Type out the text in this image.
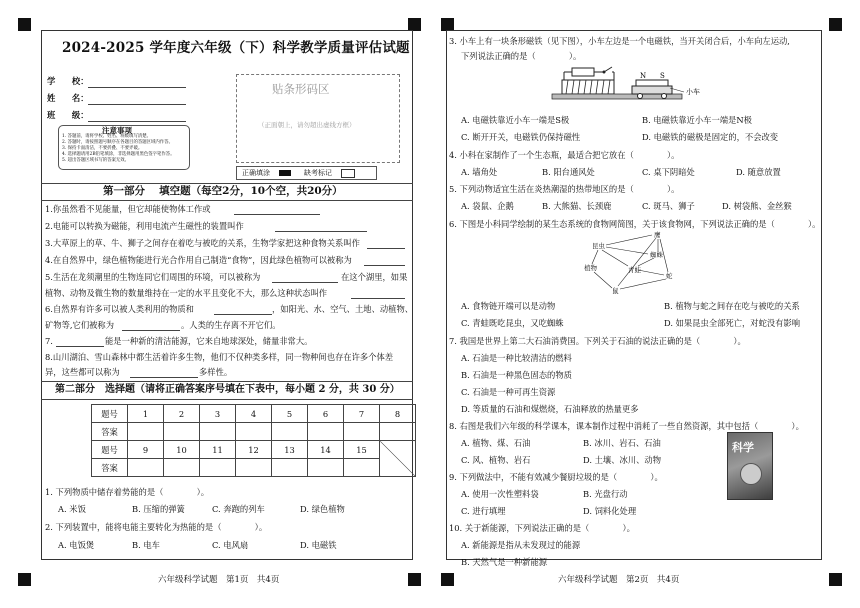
2024-2025 学年度六年级（下）科学教学质量评估试题
学　　校：
姓　　名：
班　　级：
贴条形码区
（正面朝上，请勿超出虚线方框）
注意事项
1. 答题前，请将学校、姓名、班级填写清楚。
2. 答题时，请按照题号顺序在各题目的答题区域内作答。
3. 保持卡面清洁，不要折叠、不要弄破。
4. 选择题请用2B铅笔填涂，非选择题用黑色签字笔作答。
5. 超出答题区域书写的答案无效。
正确填涂	缺考标记
第一部分　 填空题（每空2分，10个空，共20分）
1.你虽然看不见能量，但它却能使物体工作或
2.电能可以转换为磁能，利用电流产生磁性的装置叫作
3.大草原上的草、牛、狮子之间存在着吃与被吃的关系，生物学家把这种食物关系叫作
4.在自然界中，绿色植物能进行光合作用自己制造“食物”，因此绿色植物可以被称为
5.生活在龙须潮里的生物连同它们周围的环境，可以被称为	在这个湖里，如果
植物、动物及微生物的数量维持在一定的水平且变化不大，那么这种状态叫作
6.自然界有许多可以被人类利用的物质和	，如阳光、水、空气、土地、动植物、
矿物等,它们被称为	。人类的生存离不开它们。
7.	能是一种新的清洁能源，它来自地球深处，储量非常大。
8.山川湖泊、雪山森林中都生活着许多生物，他们不仅种类多样，同一物种间也存在许多个体差
异，这些都可以称为	多样性。
第二部分　选择题（请将正确答案序号填在下表中，每小题 2 分，共 30 分）
题号	1	2	3	4	5	6	7	8
答案								
题号	9	10	11	12	13	14	15	
答案								
1. 下列物质中储存着势能的是（　　　　）。
A. 米饭	B. 压缩的弹簧	C. 奔跑的列车	D. 绿色植物
2. 下列装置中，能将电能主要转化为热能的是（　　　　）。
A. 电饭煲	B. 电车	C. 电风扇	D. 电磁铁
六年级科学试题　第1页　共4页
3. 小车上有一块条形磁铁（见下图），小车左边是一个电磁铁，当开关闭合后，小车向左运动,
下列说法正确的是（　　　　）。
N S
小车
A. 电磁铁靠近小车一端是S极	B. 电磁铁靠近小车一端是N极
C. 断开开关，电磁铁仍保持磁性	D. 电磁铁的磁极是固定的，不会改变
4. 小科在家制作了一个生态瓶，最适合把它放在（　　　　）。
A. 墙角处	B. 阳台通风处	C. 桌下阴暗处	D. 随意放置
5. 下列动物适宜生活在炎热潮湿的热带地区的是（　　　　）。
A. 袋鼠、企鹅	B. 大熊猫、长颈鹿	C. 斑马、狮子	D. 树袋熊、金丝猴
6. 下图是小科同学绘制的某生态系统的食物网简图，关于该食物网，下列说法正确的是（　　　　）。
昆虫
鹰
蜘蛛
植物	青蛙
蛇
鼠
A. 食物链开端可以是动物	B. 植物与蛇之间存在吃与被吃的关系
C. 青蛙既吃昆虫，又吃蜘蛛	D. 如果昆虫全部死亡，对蛇没有影响
7. 我国是世界上第二大石油消费国。下列关于石油的说法正确的是（　　　　）。
A. 石油是一种比较清洁的燃料
B. 石油是一种黑色固态的物质
C. 石油是一种可再生资源
D. 等质量的石油和煤燃烧，石油释放的热量更多
8. 右图是我们六年级的科学课本，课本制作过程中消耗了一些自然资源，其中包括（　　　　）。
A. 植物、煤、石油	B. 冰川、岩石、石油
C. 风、植物、岩石	D. 土壤、冰川、动物
科学
9. 下列做法中，不能有效减少餐厨垃圾的是（　　　　）。
A. 使用一次性塑料袋	B. 光盘行动
C. 进行填埋	D. 饲料化处理
10. 关于新能源，下列说法正确的是（　　　　）。
A. 新能源是指从未发现过的能源
B. 天然气是一种新能源
六年级科学试题　第2页　共4页
